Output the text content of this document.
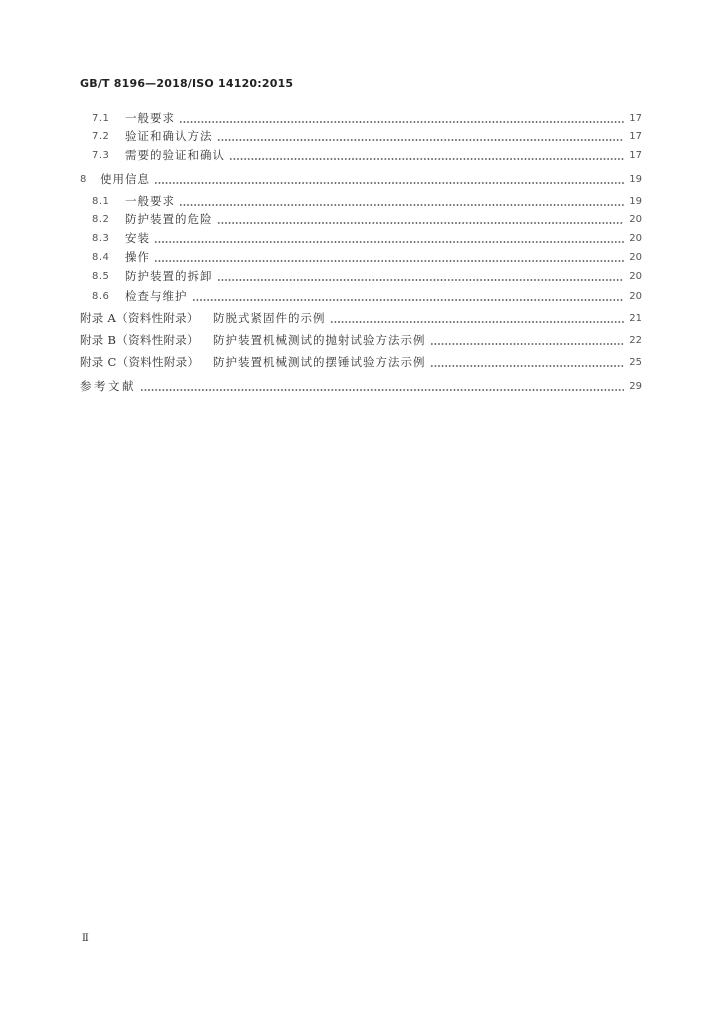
GB/T 8196—2018/ISO 14120:2015
7.1	一般要求	17
7.2	验证和确认方法	17
7.3	需要的验证和确认	17
8	使用信息	19
8.1	一般要求	19
8.2	防护装置的危险	20
8.3	安装	20
8.4	操作	20
8.5	防护装置的拆卸	20
8.6	检查与维护	20
附录 A（资料性附录）	防脱式紧固件的示例	21
附录 B（资料性附录）	防护装置机械测试的抛射试验方法示例	22
附录 C（资料性附录）	防护装置机械测试的摆锤试验方法示例	25
参考文献	29
Ⅱ
